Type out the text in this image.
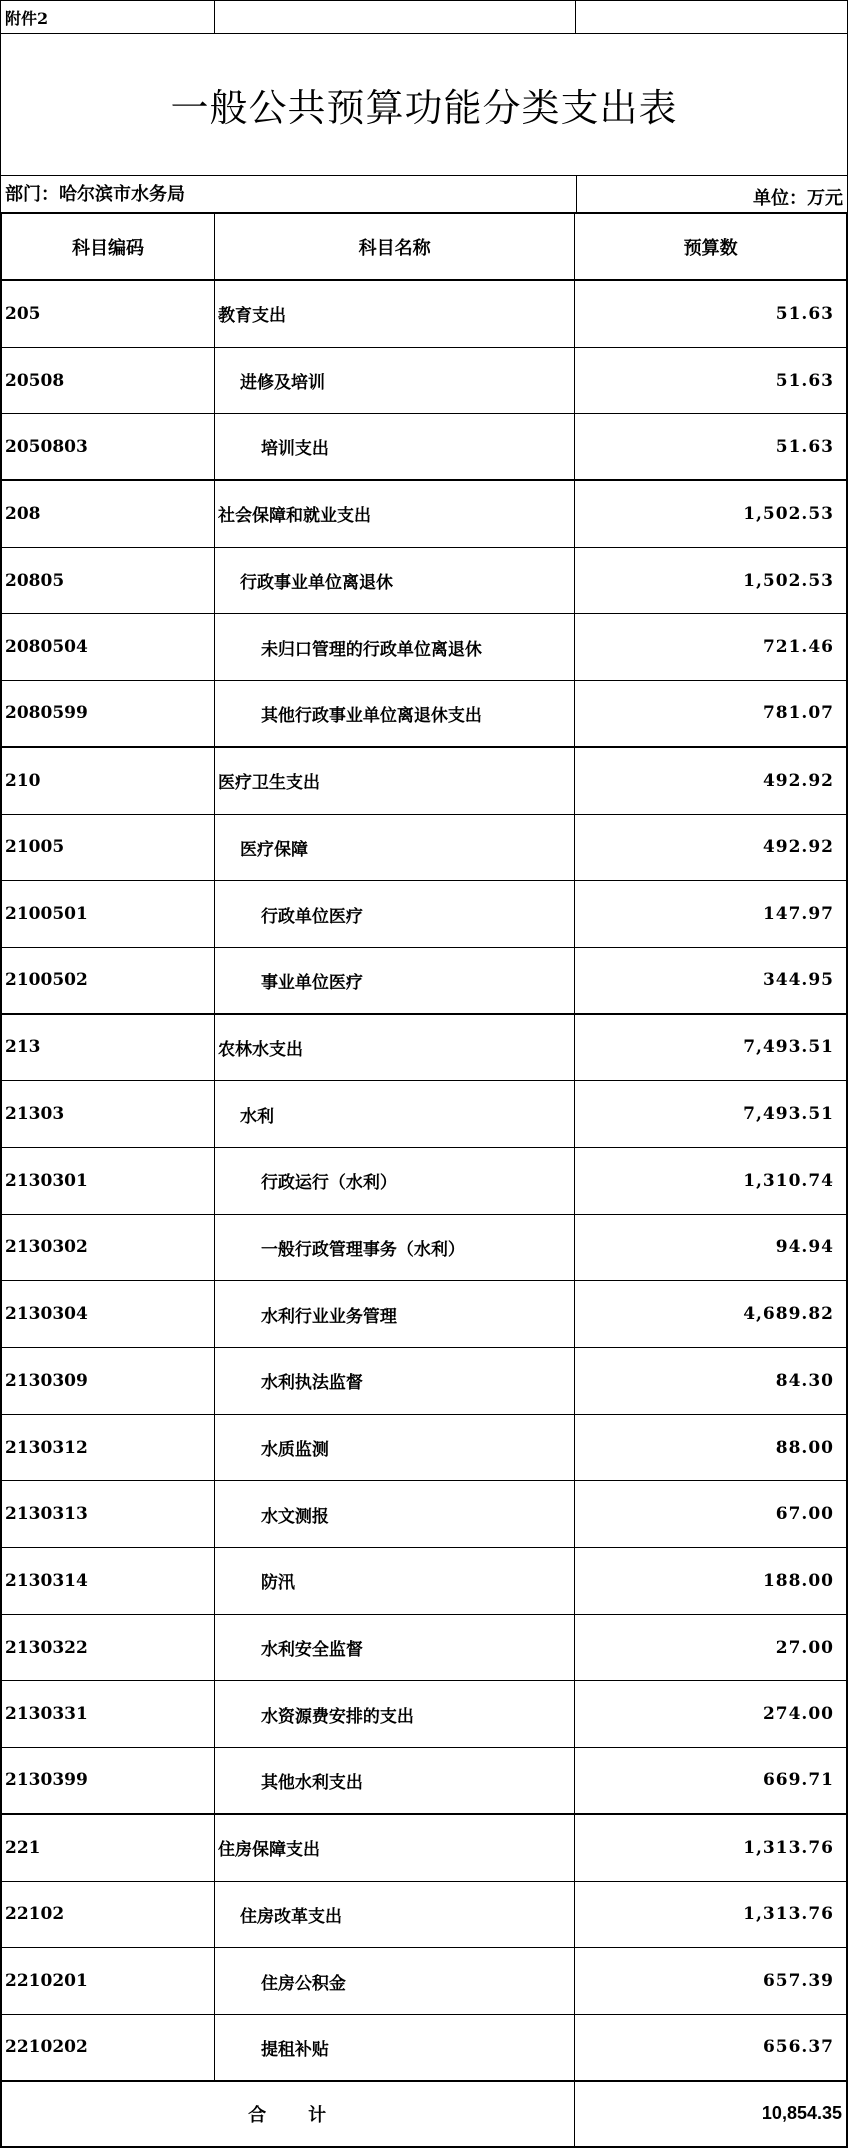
附件2
一般公共预算功能分类支出表
部门：哈尔滨市水务局	单位：万元
科目编码	科目名称	预算数
205	教育支出	51.63
20508	进修及培训	51.63
2050803	培训支出	51.63
208	社会保障和就业支出	1,502.53
20805	行政事业单位离退休	1,502.53
2080504	未归口管理的行政单位离退休	721.46
2080599	其他行政事业单位离退休支出	781.07
210	医疗卫生支出	492.92
21005	医疗保障	492.92
2100501	行政单位医疗	147.97
2100502	事业单位医疗	344.95
213	农林水支出	7,493.51
21303	水利	7,493.51
2130301	行政运行（水利）	1,310.74
2130302	一般行政管理事务（水利）	94.94
2130304	水利行业业务管理	4,689.82
2130309	水利执法监督	84.30
2130312	水质监测	88.00
2130313	水文测报	67.00
2130314	防汛	188.00
2130322	水利安全监督	27.00
2130331	水资源费安排的支出	274.00
2130399	其他水利支出	669.71
221	住房保障支出	1,313.76
22102	住房改革支出	1,313.76
2210201	住房公积金	657.39
2210202	提租补贴	656.37
合　　计	10,854.35
